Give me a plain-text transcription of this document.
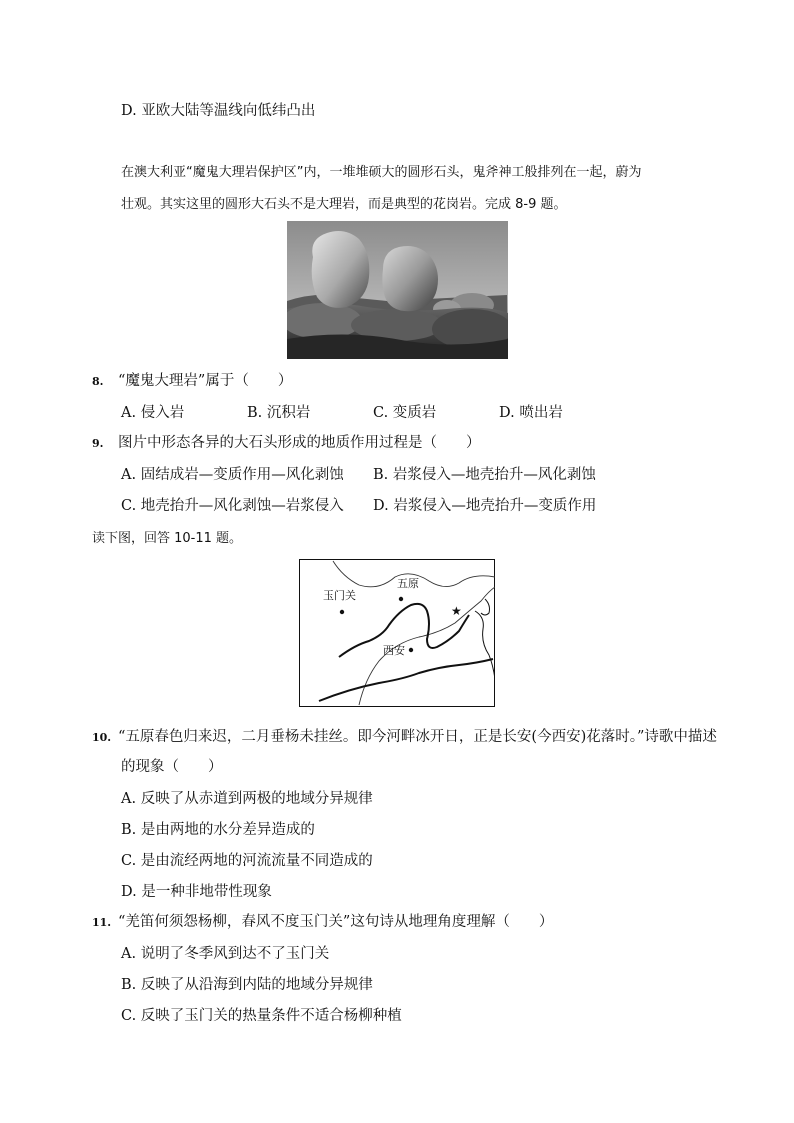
D. 亚欧大陆等温线向低纬凸出
在澳大利亚“魔鬼大理岩保护区”内，一堆堆硕大的圆形石头，鬼斧神工般排列在一起，蔚为
壮观。其实这里的圆形大石头不是大理岩，而是典型的花岗岩。完成 8-9 题。
8. “魔鬼大理岩”属于（　　）
A. 侵入岩	B. 沉积岩	C. 变质岩	D. 喷出岩
9. 图片中形态各异的大石头形成的地质作用过程是（　　）
A. 固结成岩—变质作用—风化剥蚀 B. 岩浆侵入—地壳抬升—风化剥蚀
C. 地壳抬升—风化剥蚀—岩浆侵入 D. 岩浆侵入—地壳抬升—变质作用
读下图，回答 10-11 题。
五原
玉门关
西安
★
10. “五原春色归来迟，二月垂杨未挂丝。即今河畔冰开日，正是长安(今西安)花落时。”诗歌中描述
的现象（　　）
A. 反映了从赤道到两极的地域分异规律
B. 是由两地的水分差异造成的
C. 是由流经两地的河流流量不同造成的
D. 是一种非地带性现象
11. “羌笛何须怨杨柳，春风不度玉门关”这句诗从地理角度理解（　　）
A. 说明了冬季风到达不了玉门关
B. 反映了从沿海到内陆的地域分异规律
C. 反映了玉门关的热量条件不适合杨柳种植
